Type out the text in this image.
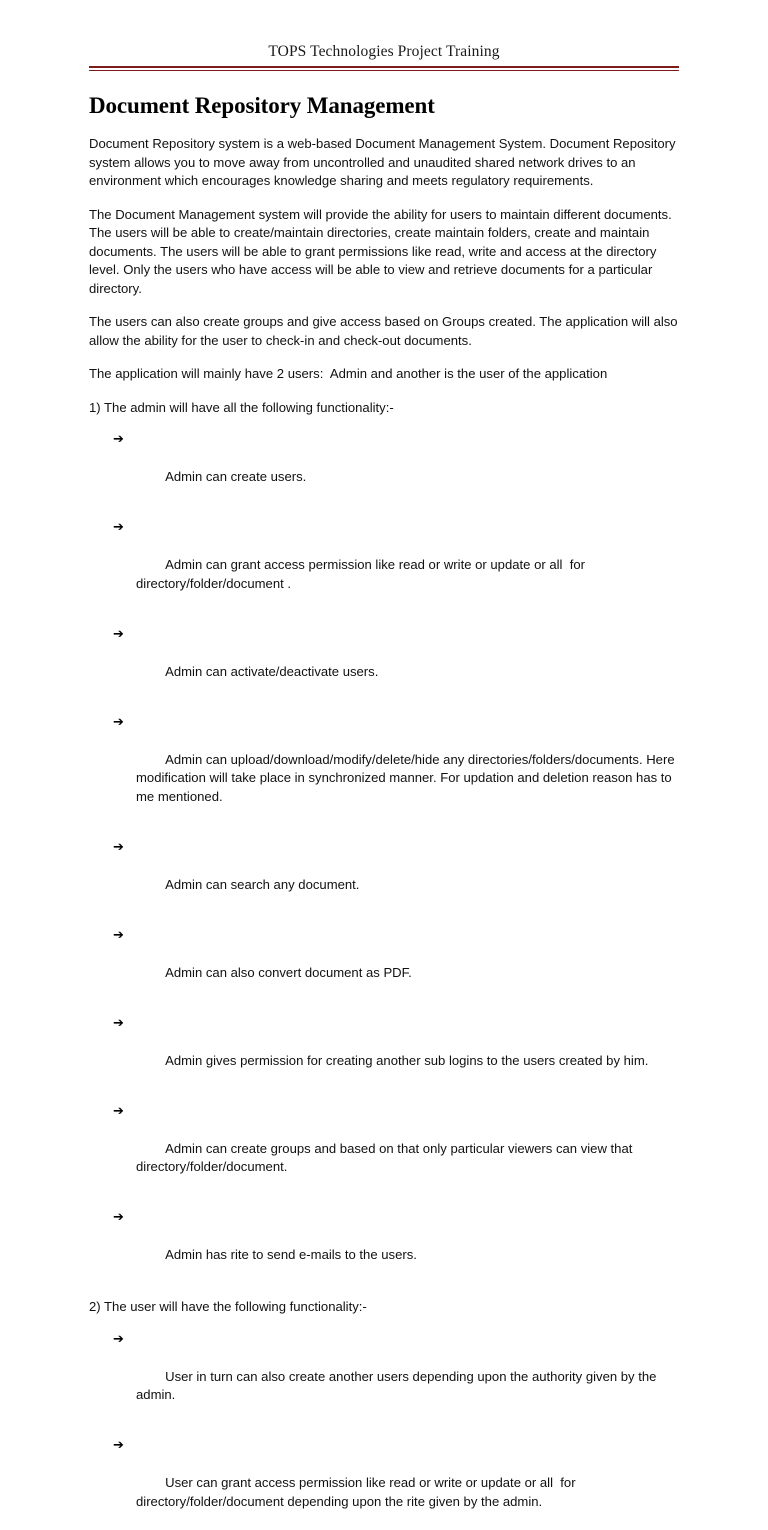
TOPS Technologies Project Training
Document Repository Management

Document Repository system is a web-based Document Management System. Document Repository system allows you to move away from uncontrolled and unaudited shared network drives to an environment which encourages knowledge sharing and meets regulatory requirements.

The Document Management system will provide the ability for users to maintain different documents. The users will be able to create/maintain directories, create maintain folders, create and maintain documents. The users will be able to grant permissions like read, write and access at the directory level. Only the users who have access will be able to view and retrieve documents for a particular directory.

The users can also create groups and give access based on Groups created. The application will also allow the ability for the user to check-in and check-out documents.

The application will mainly have 2 users:  Admin and another is the user of the application

1) The admin will have all the following functionality:-

➔

Admin can create users.

➔

Admin can grant access permission like read or write or update or all  for directory/folder/document .

➔

Admin can activate/deactivate users.

➔

Admin can upload/download/modify/delete/hide any directories/folders/documents. Here modification will take place in synchronized manner. For updation and deletion reason has to me mentioned.

➔

Admin can search any document.

➔

Admin can also convert document as PDF.

➔

Admin gives permission for creating another sub logins to the users created by him.

➔

Admin can create groups and based on that only particular viewers can view that directory/folder/document.

➔

Admin has rite to send e-mails to the users.

2) The user will have the following functionality:-

➔

User in turn can also create another users depending upon the authority given by the admin.

➔

User can grant access permission like read or write or update or all  for directory/folder/document depending upon the rite given by the admin.
